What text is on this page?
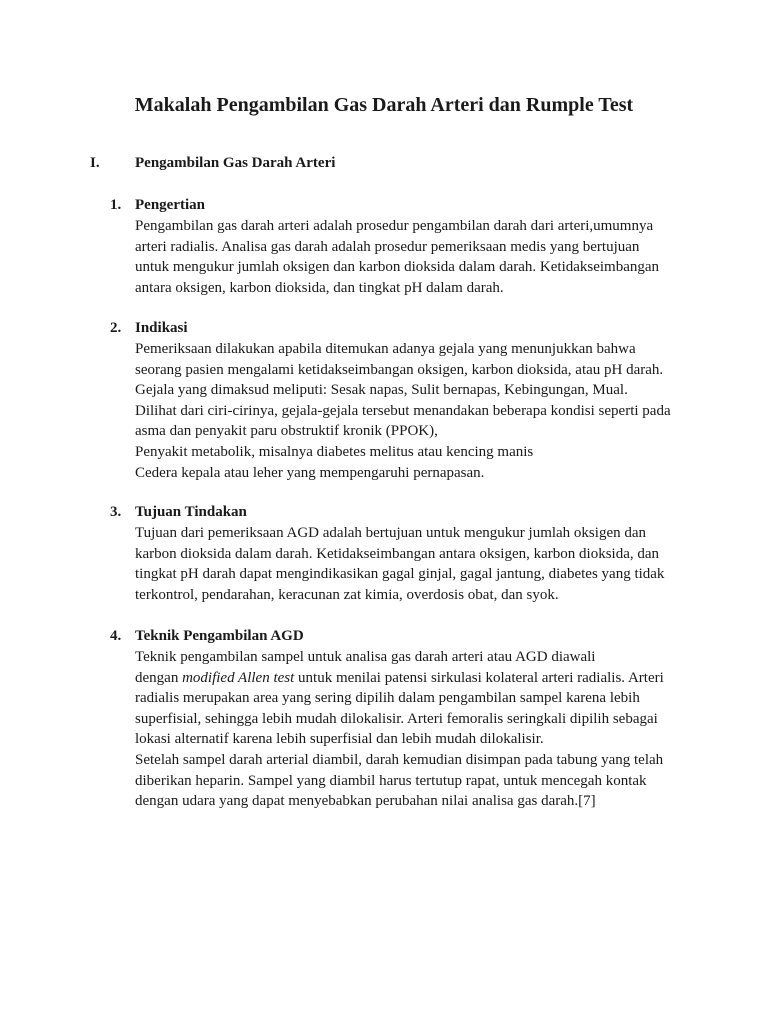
Makalah Pengambilan Gas Darah Arteri dan Rumple Test
I. Pengambilan Gas Darah Arteri
1. Pengertian
Pengambilan gas darah arteri adalah prosedur pengambilan darah dari arteri,umumnya
arteri radialis. Analisa gas darah adalah prosedur pemeriksaan medis yang bertujuan
untuk mengukur jumlah oksigen dan karbon dioksida dalam darah. Ketidakseimbangan
antara oksigen, karbon dioksida, dan tingkat pH dalam darah.
2. Indikasi
Pemeriksaan dilakukan apabila ditemukan adanya gejala yang menunjukkan bahwa
seorang pasien mengalami ketidakseimbangan oksigen, karbon dioksida, atau pH darah.
Gejala yang dimaksud meliputi: Sesak napas, Sulit bernapas, Kebingungan, Mual.
Dilihat dari ciri-cirinya, gejala-gejala tersebut menandakan beberapa kondisi seperti pada
asma dan penyakit paru obstruktif kronik (PPOK),
Penyakit metabolik, misalnya diabetes melitus atau kencing manis
Cedera kepala atau leher yang mempengaruhi pernapasan.
3. Tujuan Tindakan
Tujuan dari pemeriksaan AGD adalah bertujuan untuk mengukur jumlah oksigen dan
karbon dioksida dalam darah. Ketidakseimbangan antara oksigen, karbon dioksida, dan
tingkat pH darah dapat mengindikasikan gagal ginjal, gagal jantung, diabetes yang tidak
terkontrol, pendarahan, keracunan zat kimia, overdosis obat, dan syok.
4. Teknik Pengambilan AGD
Teknik pengambilan sampel untuk analisa gas darah arteri atau AGD diawali
dengan modified Allen test untuk menilai patensi sirkulasi kolateral arteri radialis. Arteri
radialis merupakan area yang sering dipilih dalam pengambilan sampel karena lebih
superfisial, sehingga lebih mudah dilokalisir. Arteri femoralis seringkali dipilih sebagai
lokasi alternatif karena lebih superfisial dan lebih mudah dilokalisir.
Setelah sampel darah arterial diambil, darah kemudian disimpan pada tabung yang telah
diberikan heparin. Sampel yang diambil harus tertutup rapat, untuk mencegah kontak
dengan udara yang dapat menyebabkan perubahan nilai analisa gas darah.[7]
